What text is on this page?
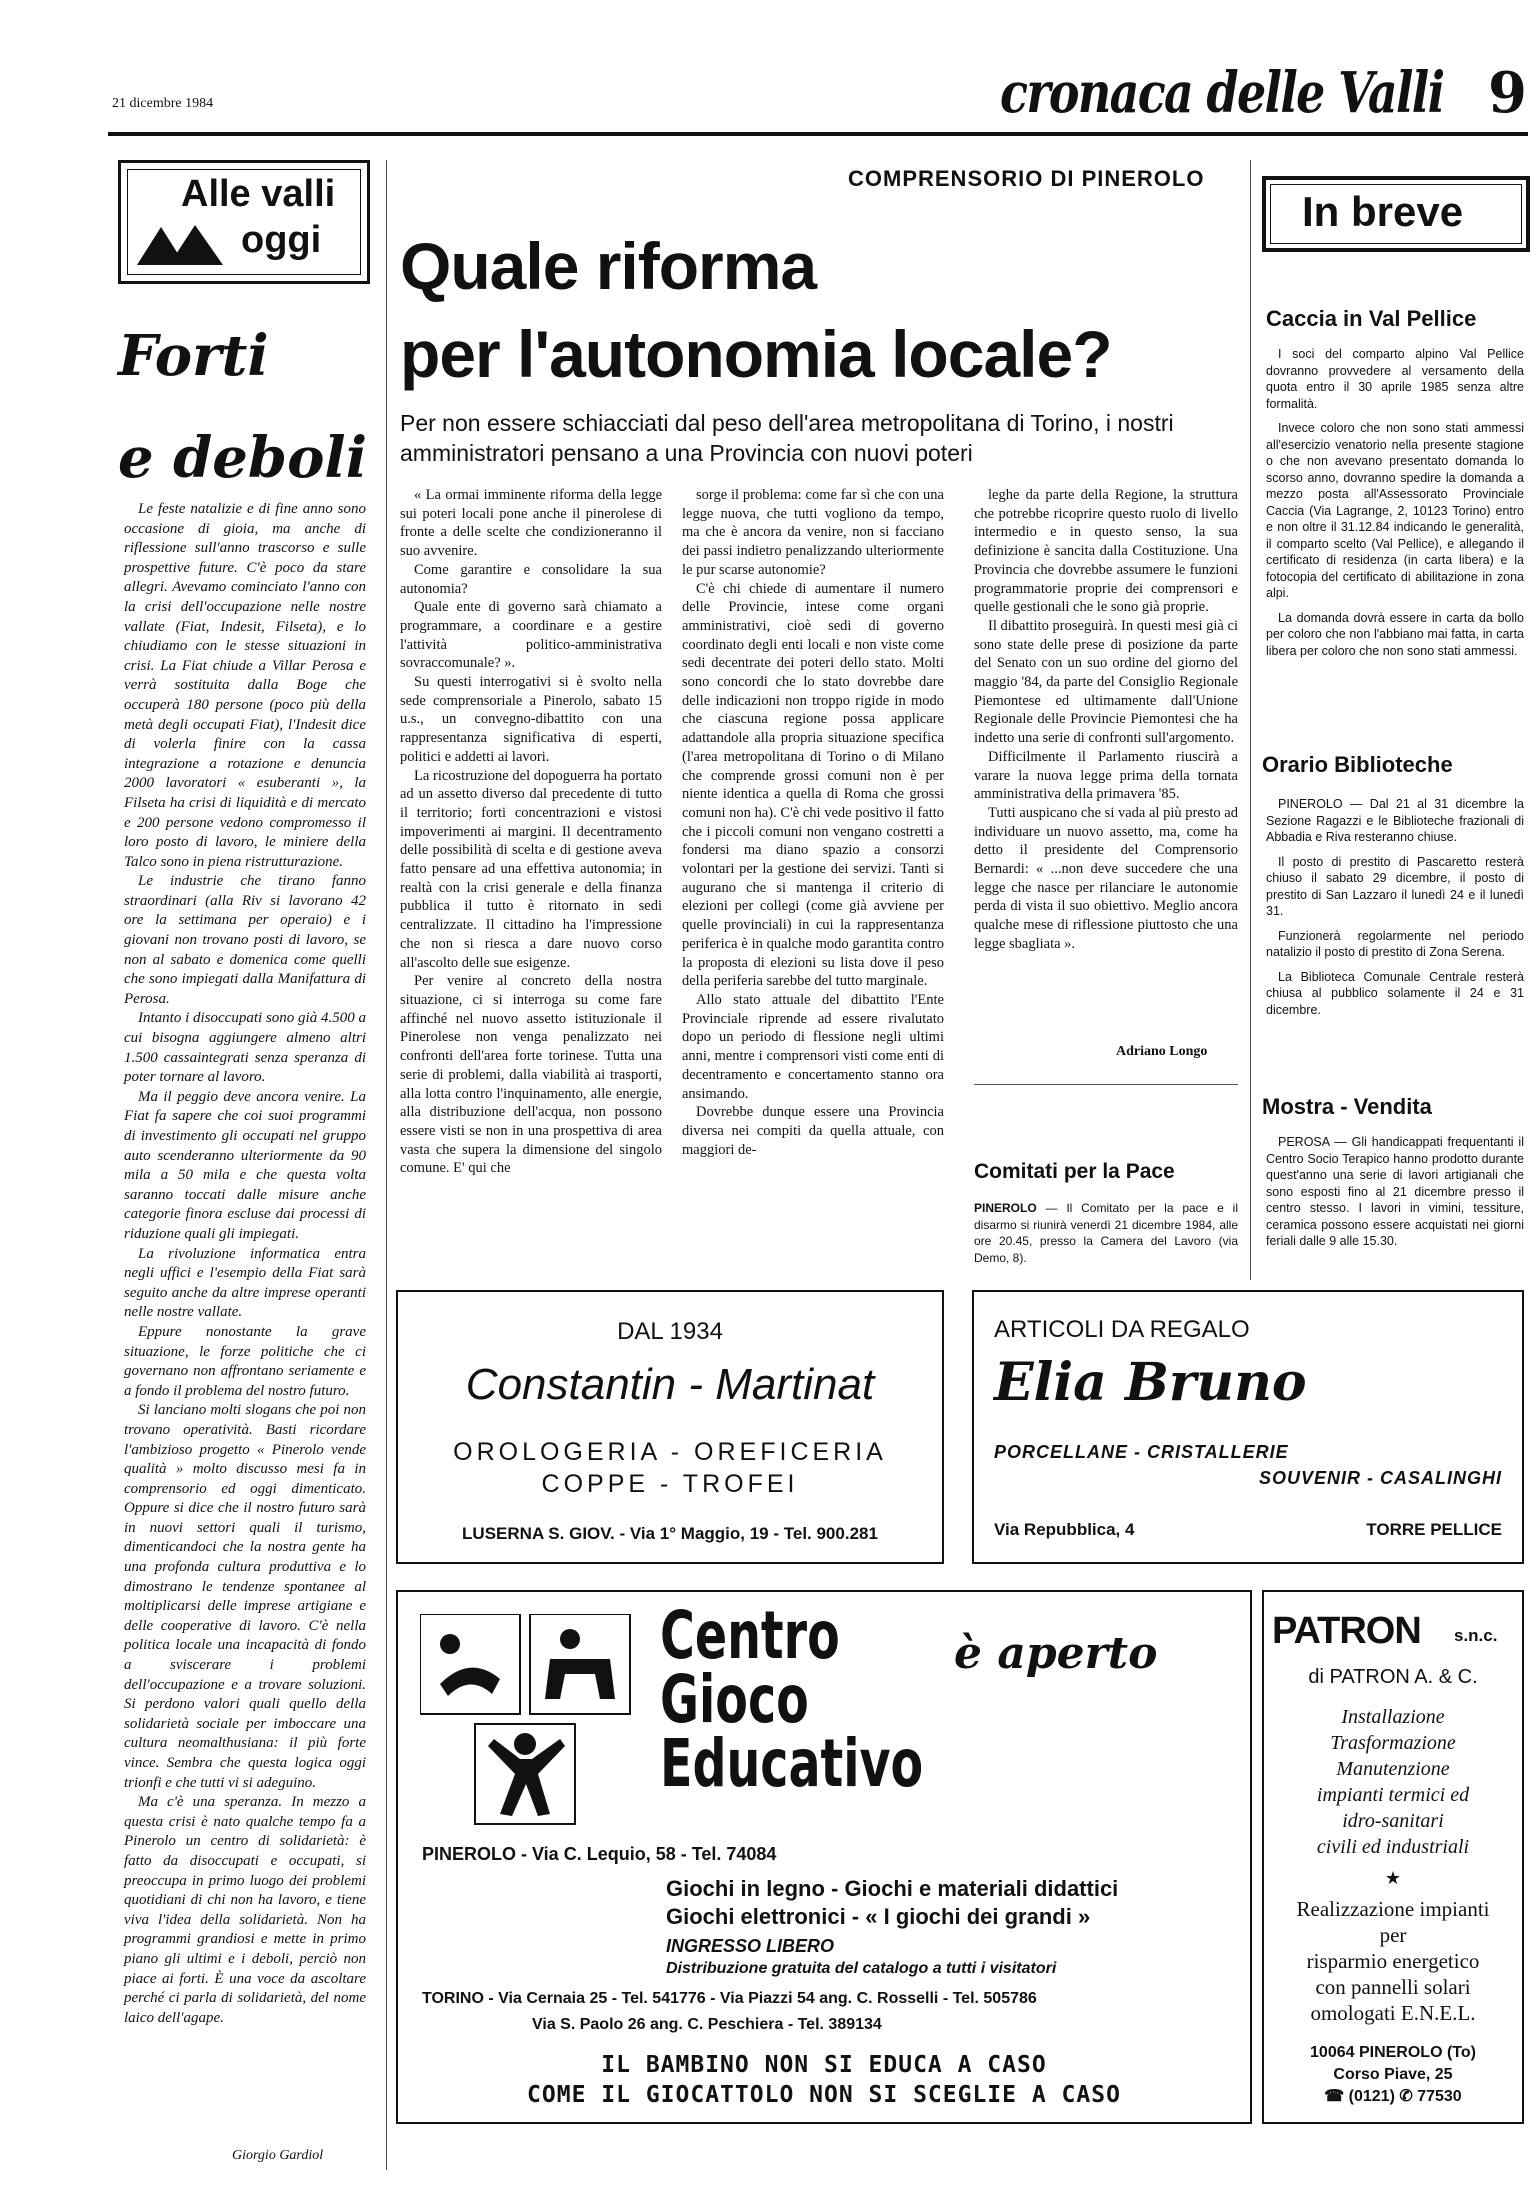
21 dicembre 1984	cronaca delle Valli 9
Alle valli
oggi
Forti
e deboli

Le feste natalizie e di fine anno sono occasione di gioia, ma anche di riflessione sull'anno trascorso e sulle prospettive future. C'è poco da stare allegri. Avevamo cominciato l'anno con la crisi dell'occupazione nelle nostre vallate (Fiat, Indesit, Filseta), e lo chiudiamo con le stesse situazioni in crisi. La Fiat chiude a Villar Perosa e verrà sostituita dalla Boge che occuperà 180 persone (poco più della metà degli occupati Fiat), l'Indesit dice di volerla finire con la cassa integrazione a rotazione e denuncia 2000 lavoratori « esuberanti », la Filseta ha crisi di liquidità e di mercato e 200 persone vedono compromesso il loro posto di lavoro, le miniere della Talco sono in piena ristrutturazione.

Le industrie che tirano fanno straordinari (alla Riv si lavorano 42 ore la settimana per operaio) e i giovani non trovano posti di lavoro, se non al sabato e domenica come quelli che sono impiegati dalla Manifattura di Perosa.

Intanto i disoccupati sono già 4.500 a cui bisogna aggiungere almeno altri 1.500 cassaintegrati senza speranza di poter tornare al lavoro.

Ma il peggio deve ancora venire. La Fiat fa sapere che coi suoi programmi di investimento gli occupati nel gruppo auto scenderanno ulteriormente da 90 mila a 50 mila e che questa volta saranno toccati dalle misure anche categorie finora escluse dai processi di riduzione quali gli impiegati.

La rivoluzione informatica entra negli uffici e l'esempio della Fiat sarà seguito anche da altre imprese operanti nelle nostre vallate.

Eppure nonostante la grave situazione, le forze politiche che ci governano non affrontano seriamente e a fondo il problema del nostro futuro.

Si lanciano molti slogans che poi non trovano operatività. Basti ricordare l'ambizioso progetto « Pinerolo vende qualità » molto discusso mesi fa in comprensorio ed oggi dimenticato. Oppure si dice che il nostro futuro sarà in nuovi settori quali il turismo, dimenticandoci che la nostra gente ha una profonda cultura produttiva e lo dimostrano le tendenze spontanee al moltiplicarsi delle imprese artigiane e delle cooperative di lavoro. C'è nella politica locale una incapacità di fondo a sviscerare i problemi dell'occupazione e a trovare soluzioni. Si perdono valori quali quello della solidarietà sociale per imboccare una cultura neomalthusiana: il più forte vince. Sembra che questa logica oggi trionfi e che tutti vi si adeguino.

Ma c'è una speranza. In mezzo a questa crisi è nato qualche tempo fa a Pinerolo un centro di solidarietà: è fatto da disoccupati e occupati, si preoccupa in primo luogo dei problemi quotidiani di chi non ha lavoro, e tiene viva l'idea della solidarietà. Non ha programmi grandiosi e mette in primo piano gli ultimi e i deboli, perciò non piace ai forti. È una voce da ascoltare perché ci parla di solidarietà, del nome laico dell'agape.

Giorgio Gardiol
COMPRENSORIO DI PINEROLO
Quale riforma
per l'autonomia locale?
Per non essere schiacciati dal peso dell'area metropolitana di Torino, i nostri amministratori pensano a una Provincia con nuovi poteri

« La ormai imminente riforma della legge sui poteri locali pone anche il pinerolese di fronte a delle scelte che condizioneranno il suo avvenire.

Come garantire e consolidare la sua autonomia?

Quale ente di governo sarà chiamato a programmare, a coordinare e a gestire l'attività politico-amministrativa sovraccomunale? ».

Su questi interrogativi si è svolto nella sede comprensoriale a Pinerolo, sabato 15 u.s., un convegno-dibattito con una rappresentanza significativa di esperti, politici e addetti ai lavori.

La ricostruzione del dopoguerra ha portato ad un assetto diverso dal precedente di tutto il territorio; forti concentrazioni e vistosi impoverimenti ai margini. Il decentramento delle possibilità di scelta e di gestione aveva fatto pensare ad una effettiva autonomia; in realtà con la crisi generale e della finanza pubblica il tutto è ritornato in sedi centralizzate. Il cittadino ha l'impressione che non si riesca a dare nuovo corso all'ascolto delle sue esigenze.

Per venire al concreto della nostra situazione, ci si interroga su come fare affinché nel nuovo assetto istituzionale il Pinerolese non venga penalizzato nei confronti dell'area forte torinese. Tutta una serie di problemi, dalla viabilità ai trasporti, alla lotta contro l'inquinamento, alle energie, alla distribuzione dell'acqua, non possono essere visti se non in una prospettiva di area vasta che supera la dimensione del singolo comune. E' qui che

sorge il problema: come far sì che con una legge nuova, che tutti vogliono da tempo, ma che è ancora da venire, non si facciano dei passi indietro penalizzando ulteriormente le pur scarse autonomie?

C'è chi chiede di aumentare il numero delle Provincie, intese come organi amministrativi, cioè sedi di governo coordinato degli enti locali e non viste come sedi decentrate dei poteri dello stato. Molti sono concordi che lo stato dovrebbe dare delle indicazioni non troppo rigide in modo che ciascuna regione possa applicare adattandole alla propria situazione specifica (l'area metropolitana di Torino o di Milano che comprende grossi comuni non è per niente identica a quella di Roma che grossi comuni non ha). C'è chi vede positivo il fatto che i piccoli comuni non vengano costretti a fondersi ma diano spazio a consorzi volontari per la gestione dei servizi. Tanti si augurano che si mantenga il criterio di elezioni per collegi (come già avviene per quelle provinciali) in cui la rappresentanza periferica è in qualche modo garantita contro la proposta di elezioni su lista dove il peso della periferia sarebbe del tutto marginale.

Allo stato attuale del dibattito l'Ente Provinciale riprende ad essere rivalutato dopo un periodo di flessione negli ultimi anni, mentre i comprensori visti come enti di decentramento e concertamento stanno ora ansimando.

Dovrebbe dunque essere una Provincia diversa nei compiti da quella attuale, con maggiori de-

leghe da parte della Regione, la struttura che potrebbe ricoprire questo ruolo di livello intermedio e in questo senso, la sua definizione è sancita dalla Costituzione. Una Provincia che dovrebbe assumere le funzioni programmatorie proprie dei comprensori e quelle gestionali che le sono già proprie.

Il dibattito proseguirà. In questi mesi già ci sono state delle prese di posizione da parte del Senato con un suo ordine del giorno del maggio '84, da parte del Consiglio Regionale Piemontese ed ultimamente dall'Unione Regionale delle Provincie Piemontesi che ha indetto una serie di confronti sull'argomento.

Difficilmente il Parlamento riuscirà a varare la nuova legge prima della tornata amministrativa della primavera '85.

Tutti auspicano che si vada al più presto ad individuare un nuovo assetto, ma, come ha detto il presidente del Comprensorio Bernardi: « ...non deve succedere che una legge che nasce per rilanciare le autonomie perda di vista il suo obiettivo. Meglio ancora qualche mese di riflessione piuttosto che una legge sbagliata ».

Adriano Longo
Comitati per la Pace
PINEROLO — Il Comitato per la pace e il disarmo si riunirà venerdì 21 dicembre 1984, alle ore 20.45, presso la Camera del Lavoro (via Demo, 8).
In breve
Caccia in Val Pellice

I soci del comparto alpino Val Pellice dovranno provvedere al versamento della quota entro il 30 aprile 1985 senza altre formalità.

Invece coloro che non sono stati ammessi all'esercizio venatorio nella presente stagione o che non avevano presentato domanda lo scorso anno, dovranno spedire la domanda a mezzo posta all'Assessorato Provinciale Caccia (Via Lagrange, 2, 10123 Torino) entro e non oltre il 31.12.84 indicando le generalità, il comparto scelto (Val Pellice), e allegando il certificato di residenza (in carta libera) e la fotocopia del certificato di abilitazione in zona alpi.

La domanda dovrà essere in carta da bollo per coloro che non l'abbiano mai fatta, in carta libera per coloro che non sono stati ammessi.

Orario Biblioteche

PINEROLO — Dal 21 al 31 dicembre la Sezione Ragazzi e le Biblioteche frazionali di Abbadia e Riva resteranno chiuse.

Il posto di prestito di Pascaretto resterà chiuso il sabato 29 dicembre, il posto di prestito di San Lazzaro il lunedì 24 e il lunedì 31.

Funzionerà regolarmente nel periodo natalizio il posto di prestito di Zona Serena.

La Biblioteca Comunale Centrale resterà chiusa al pubblico solamente il 24 e 31 dicembre.

Mostra - Vendita

PEROSA — Gli handicappati frequentanti il Centro Socio Terapico hanno prodotto durante quest'anno una serie di lavori artigianali che sono esposti fino al 21 dicembre presso il centro stesso. I lavori in vimini, tessiture, ceramica possono essere acquistati nei giorni feriali dalle 9 alle 15.30.

DAL 1934
Constantin - Martinat
OROLOGERIA - OREFICERIA
COPPE - TROFEI
LUSERNA S. GIOV. - Via 1° Maggio, 19 - Tel. 900.281
ARTICOLI DA REGALO
Elia Bruno
PORCELLANE - CRISTALLERIE
SOUVENIR - CASALINGHI
Via Repubblica, 4	TORRE PELLICE
Centro
Gioco
Educativo
è aperto
PINEROLO - Via C. Lequio, 58 - Tel. 74084
Giochi in legno - Giochi e materiali didattici
Giochi elettronici - « I giochi dei grandi »
INGRESSO LIBERO
Distribuzione gratuita del catalogo a tutti i visitatori
TORINO - Via Cernaia 25 - Tel. 541776 - Via Piazzi 54 ang. C. Rosselli - Tel. 505786
Via S. Paolo 26 ang. C. Peschiera - Tel. 389134
IL BAMBINO NON SI EDUCA A CASO
COME IL GIOCATTOLO NON SI SCEGLIE A CASO
PATRON s.n.c.
di PATRON A. & C.
Installazione
Trasformazione
Manutenzione
impianti termici ed
idro-sanitari
civili ed industriali
★
Realizzazione impianti
per
risparmio energetico
con pannelli solari
omologati E.N.E.L.
10064 PINEROLO (To)
Corso Piave, 25
☎ (0121) ✆ 77530
